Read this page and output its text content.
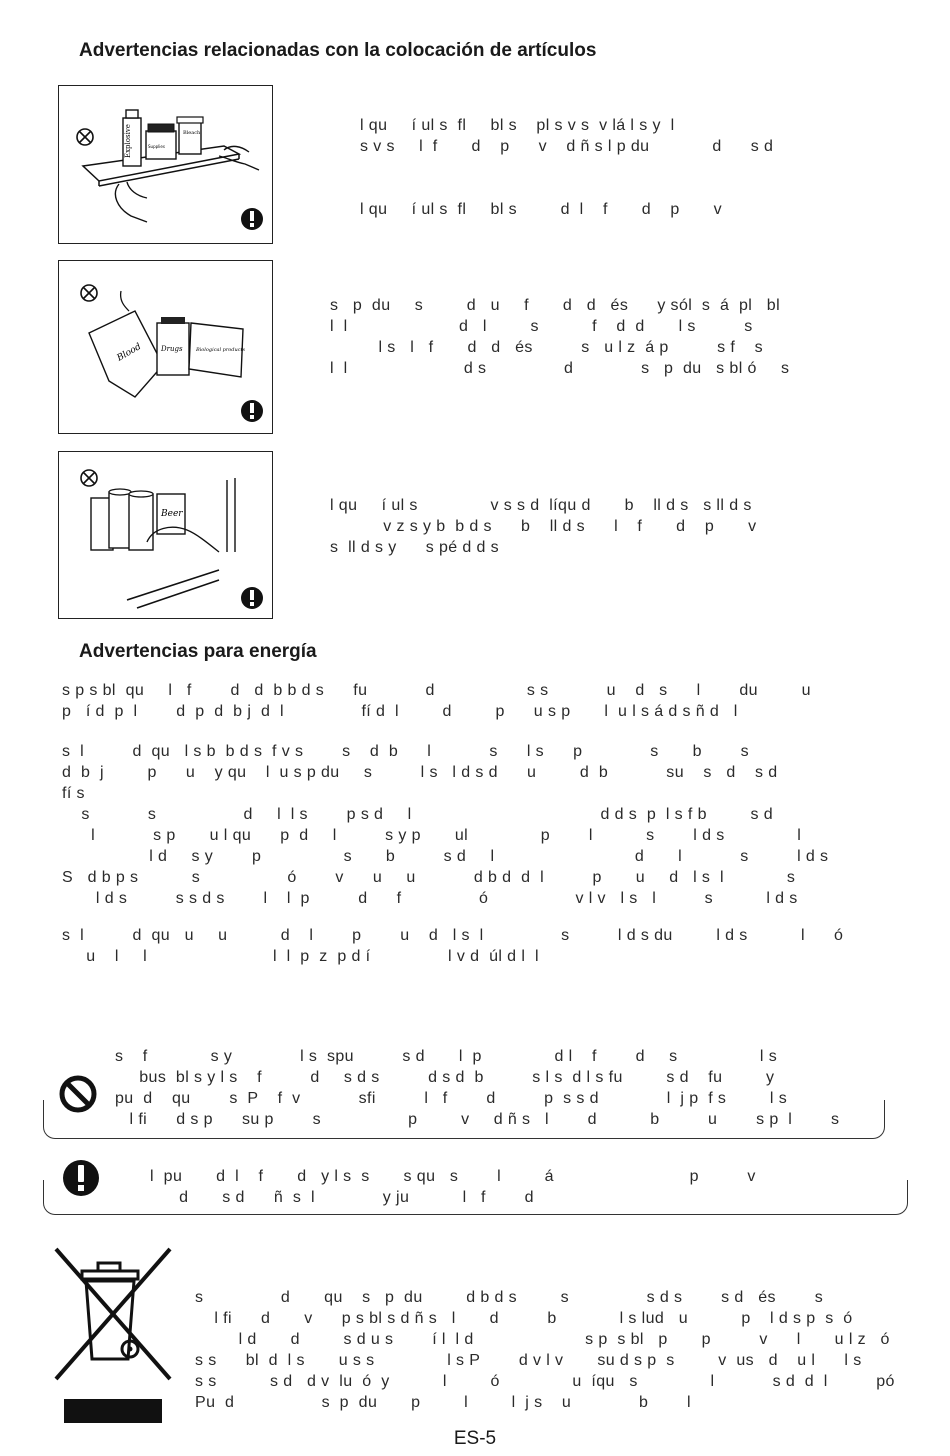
Advertencias relacionadas con la colocación de artículos
Explosive	Supplies
Bleach	l qu     í ul s  fl     bl s    pl s v s  v lá l s y  l
s v s     l  f       d    p      v    d ñ s l p du             d      s d

l qu     í ul s  fl     bl s         d  l    f       d    p       v
Blood	Drugs	Biological products
s   p  du     s         d   u     f       d   d   és      y sól  s  á  pl   bl
l  l                       d   l         s           f    d  d       l s          s
l s   l   f       d   d   és          s   u l z  á p          s f    s
l  l                        d s                d              s   p  du   s bl ó     s
Beer	l qu     í ul s               v s s d  líqu d       b    ll d s   s ll d s
v z s y b  b d s      b    ll d s      l    f       d    p       v
s  ll d s y      s pé d d s
Advertencias para energía
s p s bl  qu     l   f        d   d  b b d s      fu            d                   s s            u    d   s      l        du         u
p   í d  p  l        d  p  d  b j  d  l                fí d  l         d         p      u s p       l  u l s á d s ñ d   l
s  l          d  qu   l s b  b d s  f v s        s    d  b      l            s      l s      p              s       b        s
d  b  j         p      u    y qu    l  u s p du     s          l s   l d s d      u         d  b            su    s   d    s d
fí s
s            s                  d     l  l s        p s d     l                                       d d s  p  l s f b         s d
l            s p       u l qu      p  d     l          s y p       ul               p        l           s        l d s               l
l d     s y        p                 s       b          s d     l                             d       l            s          l d s
S   d b p s           s                  ó        v      u     u            d b d  d  l          p       u     d   l s  l             s
l d s          s s d s        l    l  p          d      f                ó                  v l v   l s   l          s           l d s
s  l          d  qu   u     u           d    l        p        u    d   l s  l                s          l d s du         l d s           l      ó
u    l     l                          l  l  p  z  p d í                l v d  úl d l  l
s    f             s y              l s  spu          s d       l  p               d l    f        d     s                 l s
bus  bl s y l s    f          d     s d s          d s d  b          s l s  d l s fu         s d    fu         y
pu  d    qu        s  P    f  v            sfi          l   f        d          p  s s d              l  j p  f s         l s
l fi      d s p      su p        s                  p         v     d ñ s   l        d           b          u        s p  l        s
l  pu       d  l    f       d   y l s  s       s qu   s        l         á                            p          v
d       s d      ñ  s  l              y ju           l   f        d
s                d       qu    s   p  du         d b d s         s                s d s        s d   és        s
l fi      d       v      p s bl s d ñ s   l       d          b             l s lud   u           p    l d s p  s  ó
l d       d         s d u s        í l  l d                       s p  s bl   p       p          v      l       u l z   ó
s s      bl  d  l s       u s s               l s P        d v l v       su d s p  s         v  us   d    u l      l s
s s           s d   d v  lu  ó  y           l         ó               u  íqu   s               l            s d  d  l          pó
Pu  d                  s  p  du       p         l         l  j s    u              b        l
ES-5
